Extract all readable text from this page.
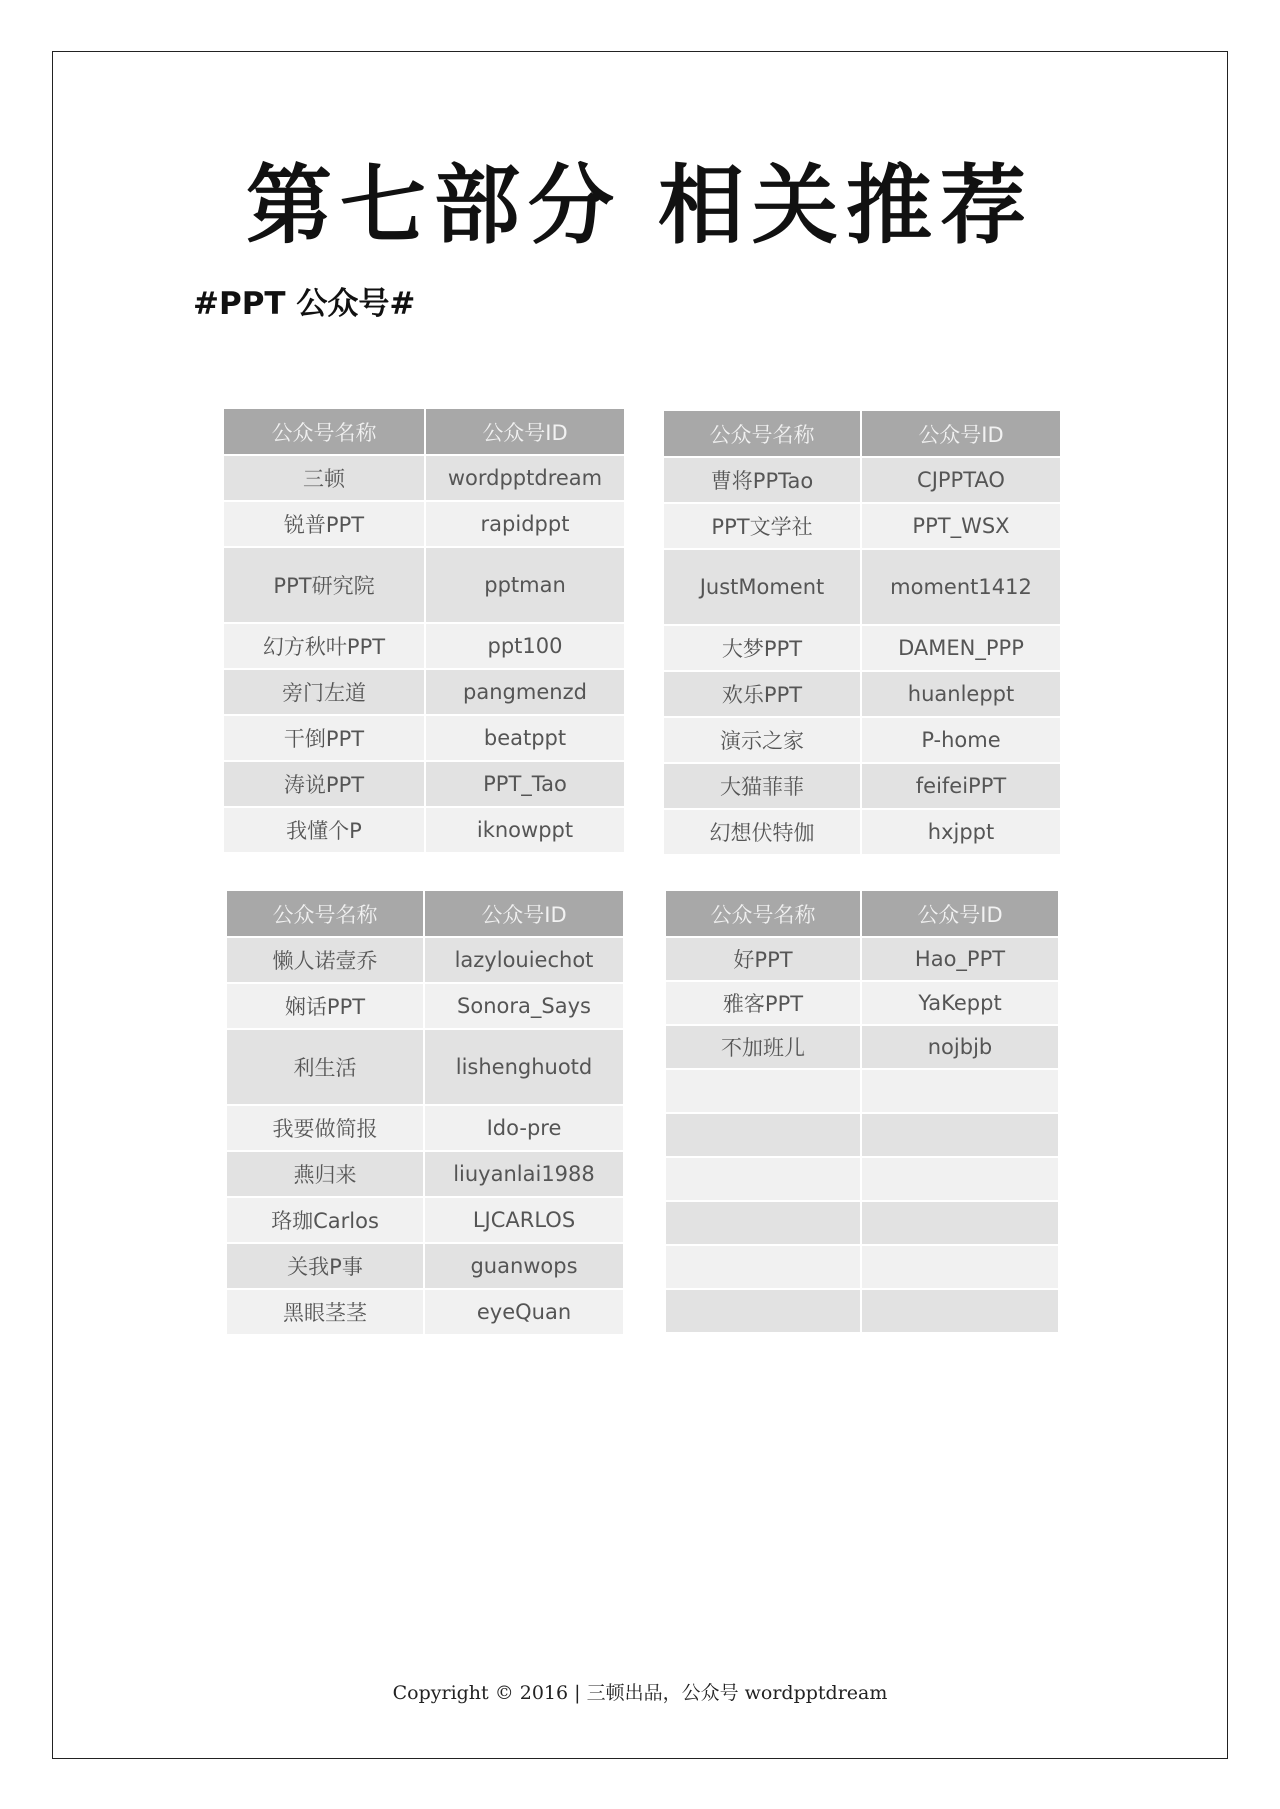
第七部分 相关推荐
#PPT 公众号#
公众号名称	公众号ID
三顿	wordpptdream
锐普PPT	rapidppt
PPT研究院	pptman
幻方秋叶PPT	ppt100
旁门左道	pangmenzd
干倒PPT	beatppt
涛说PPT	PPT_Tao
我懂个P	iknowppt
公众号名称	公众号ID
曹将PPTao	CJPPTAO
PPT文学社	PPT_WSX
JustMoment	moment1412
大梦PPT	DAMEN_PPP
欢乐PPT	huanleppt
演示之家	P-home
大猫菲菲	feifeiPPT
幻想伏特伽	hxjppt
公众号名称	公众号ID
懒人诺壹乔	lazylouiechot
娴话PPT	Sonora_Says
利生活	lishenghuotd
我要做简报	Ido-pre
燕归来	liuyanlai1988
珞珈Carlos	LJCARLOS
关我P事	guanwops
黑眼茎茎	eyeQuan
公众号名称	公众号ID
好PPT	Hao_PPT
雅客PPT	YaKeppt
不加班儿	nojbjb

Copyright © 2016 | 三顿出品，公众号 wordpptdream
